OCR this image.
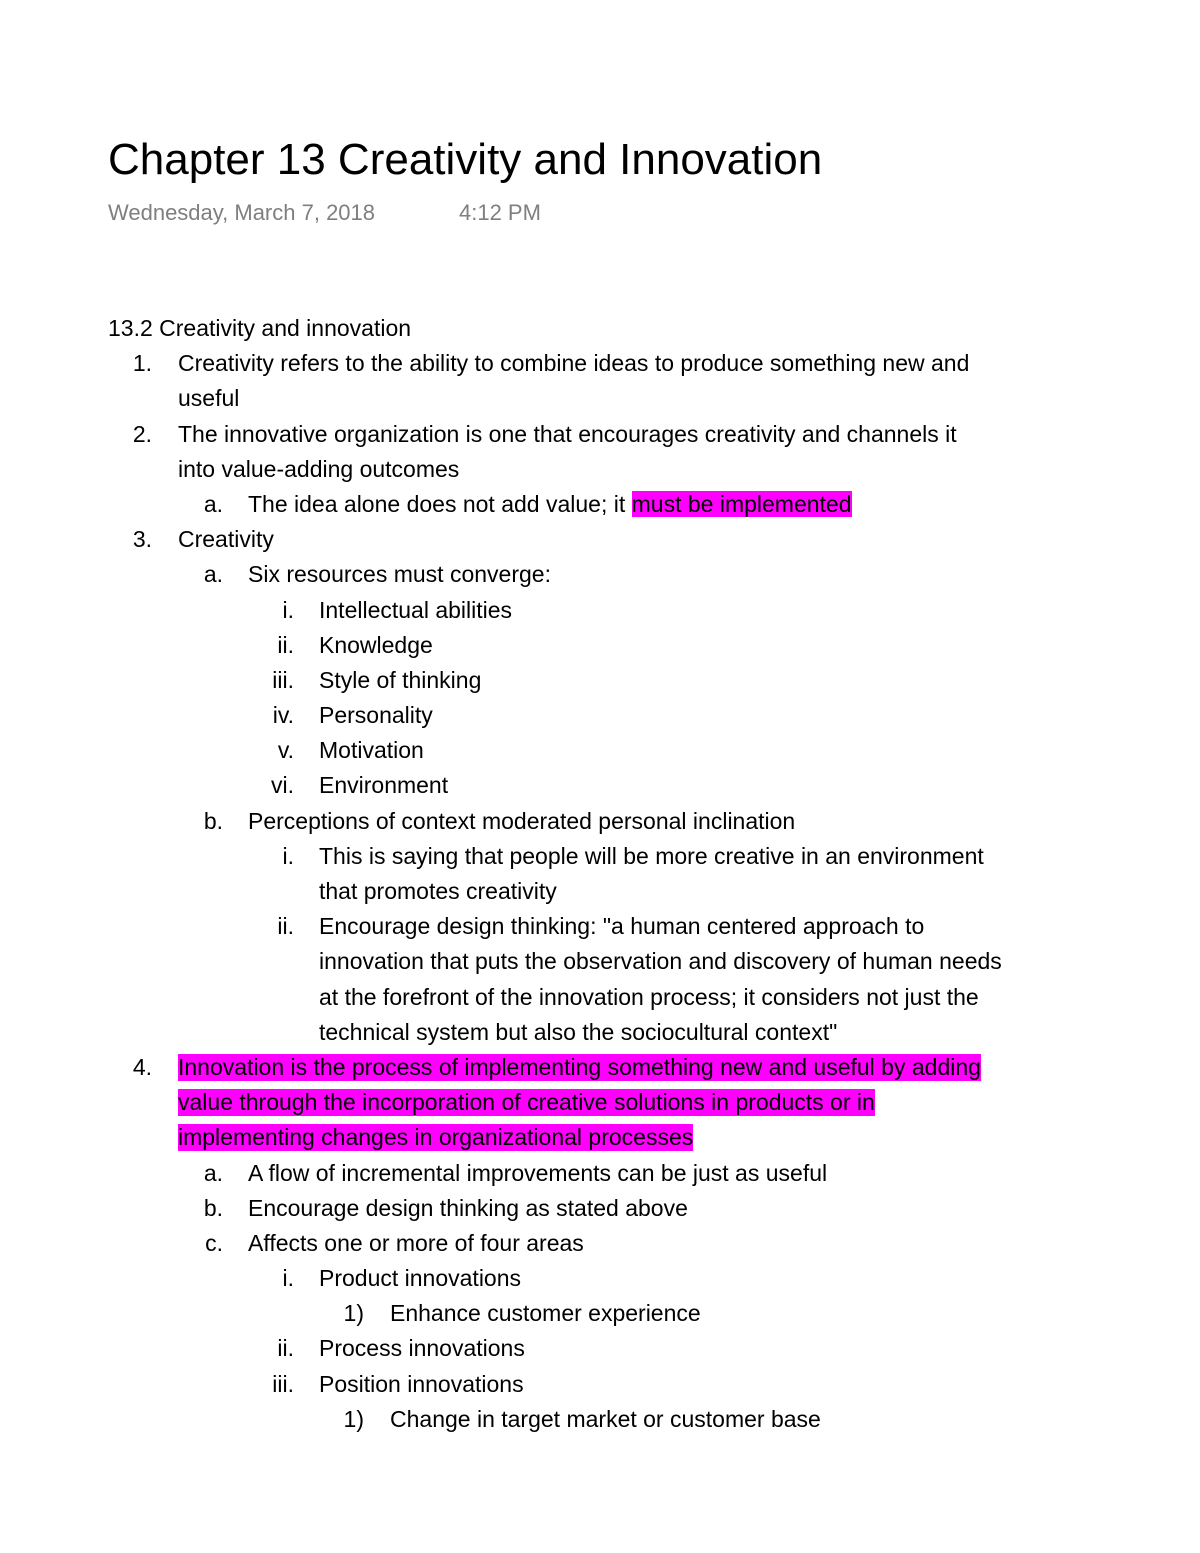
Chapter 13 Creativity and Innovation
Wednesday, March 7, 2018	4:12 PM
13.2 Creativity and innovation
1. Creativity refers to the ability to combine ideas to produce something new and
useful
2. The innovative organization is one that encourages creativity and channels it
into value-adding outcomes
a. The idea alone does not add value; it must be implemented
3. Creativity
a. Six resources must converge:
i. Intellectual abilities
ii. Knowledge
iii. Style of thinking
iv. Personality
v. Motivation
vi. Environment
b. Perceptions of context moderated personal inclination
i. This is saying that people will be more creative in an environment
that promotes creativity
ii. Encourage design thinking: "a human centered approach to
innovation that puts the observation and discovery of human needs
at the forefront of the innovation process; it considers not just the
technical system but also the sociocultural context"
4. Innovation is the process of implementing something new and useful by adding
value through the incorporation of creative solutions in products or in
implementing changes in organizational processes
a. A flow of incremental improvements can be just as useful
b. Encourage design thinking as stated above
c. Affects one or more of four areas
i. Product innovations
1) Enhance customer experience
ii. Process innovations
iii. Position innovations
1) Change in target market or customer base
